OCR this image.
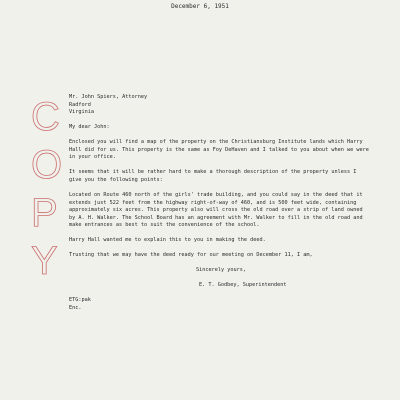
December 6, 1951
C
O
P
Y

Mr. John Spiers, Attorney

Radford

Virginia

My dear John:

Enclosed you will find a map of the property on the Christiansburg Institute lands which Harry Hall did for us. This property is the same as Foy DeHaven and I talked to you about when we were in your office.

It seems that it will be rather hard to make a thorough description of the property unless I give you the following points:

Located on Route 460 north of the girls' trade building, and you could say in the deed that it extends just 522 feet from the highway right-of-way of 460, and is 500 feet wide, containing approximately six acres. This property also will cross the old road over a strip of land owned by A. H. Walker. The School Board has an agreement with Mr. Walker to fill in the old road and make entrances as best to suit the convenience of the school.

Harry Hall wanted me to explain this to you in making the deed.

Trusting that we may have the deed ready for our meeting on December 11, I am,

Sincerely yours,

E. T. Godbey, Superintendent

ETG:pak

Enc.
